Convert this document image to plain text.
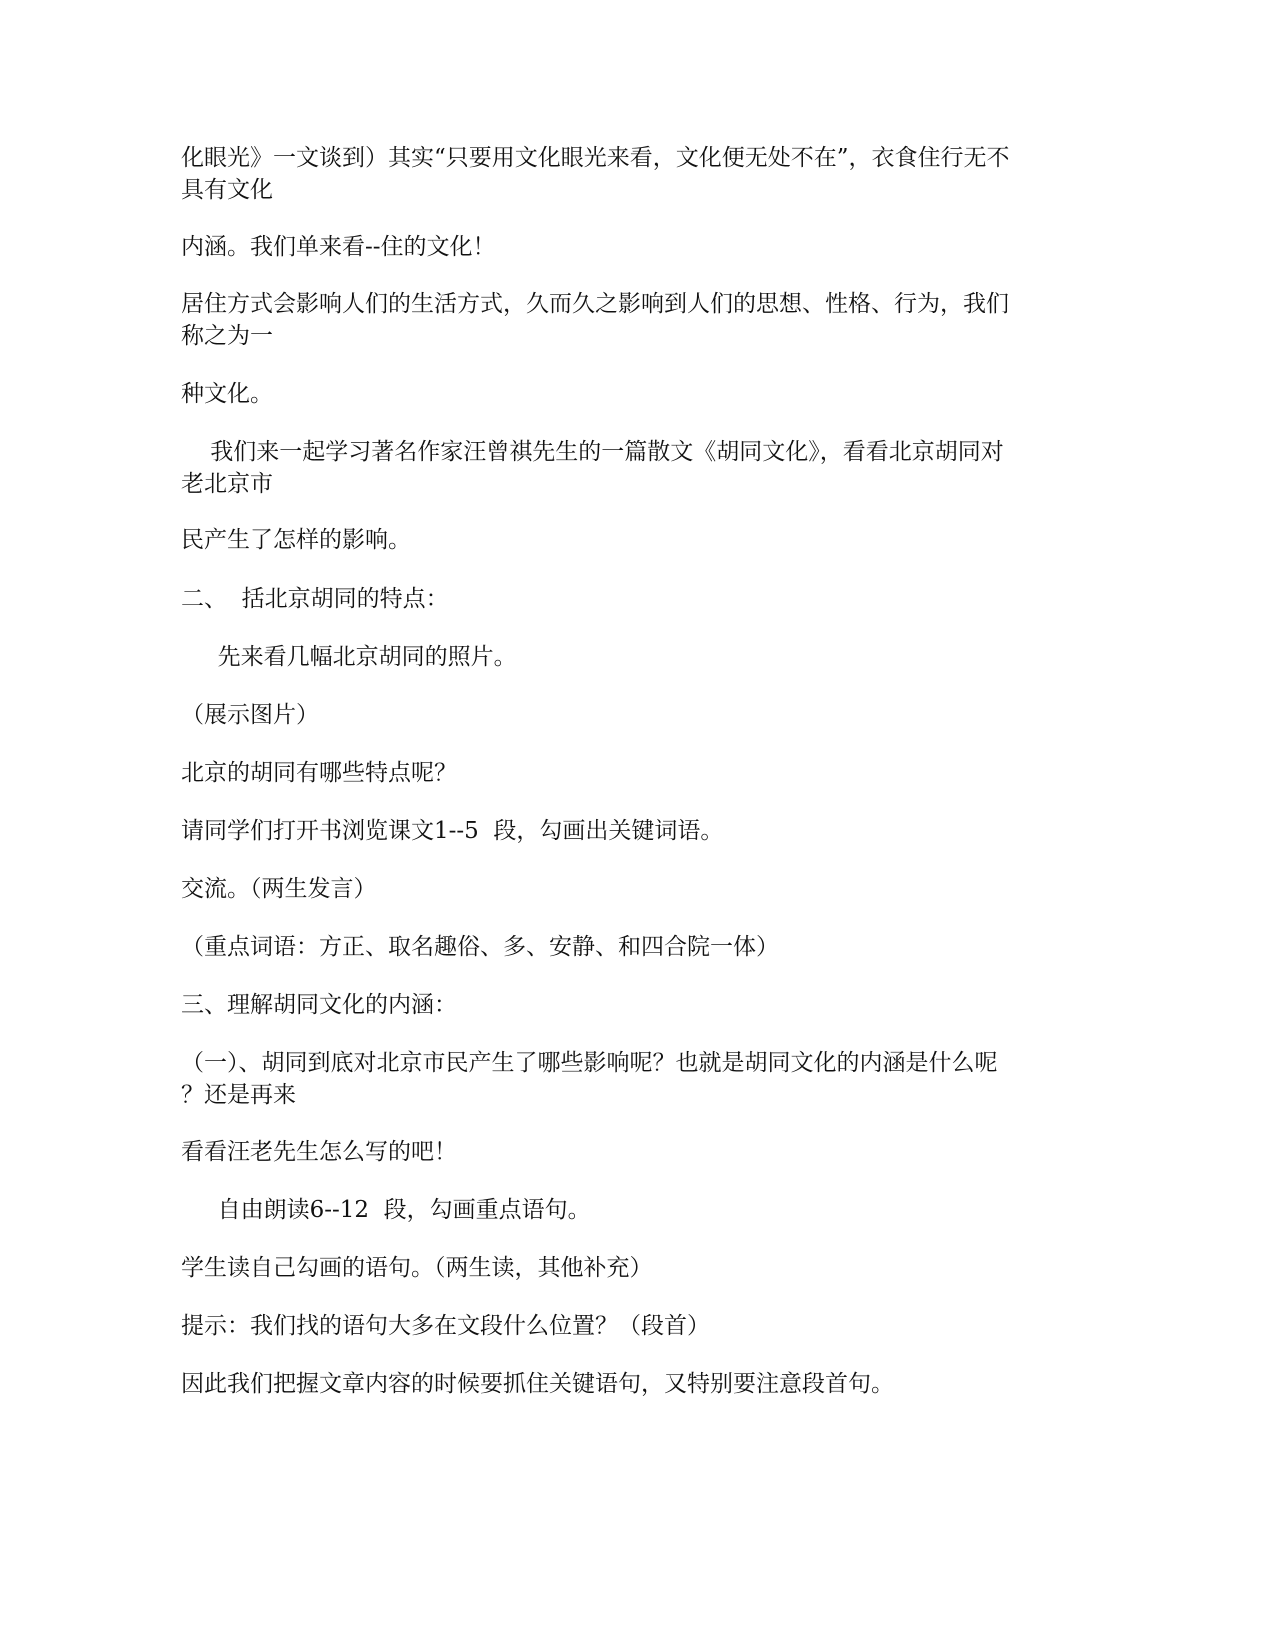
化眼光》一文谈到）其实“只要用文化眼光来看，文化便无处不在”，衣食住行无不
具有文化

内涵。我们单来看--住的文化！

居住方式会影响人们的生活方式，久而久之影响到人们的思想、性格、行为，我们
称之为一

种文化。

我们来一起学习著名作家汪曾祺先生的一篇散文《胡同文化》，看看北京胡同对
老北京市

民产生了怎样的影响。

二、  括北京胡同的特点：

先来看几幅北京胡同的照片。

（展示图片）

北京的胡同有哪些特点呢？

请同学们打开书浏览课文1--5  段，勾画出关键词语。

交流。（两生发言）

（重点词语：方正、取名趣俗、多、安静、和四合院一体）

三、理解胡同文化的内涵：

（一）、胡同到底对北京市民产生了哪些影响呢？也就是胡同文化的内涵是什么呢
？还是再来

看看汪老先生怎么写的吧！

自由朗读6--12  段，勾画重点语句。

学生读自己勾画的语句。（两生读，其他补充）

提示：我们找的语句大多在文段什么位置？（段首）

因此我们把握文章内容的时候要抓住关键语句，又特别要注意段首句。
